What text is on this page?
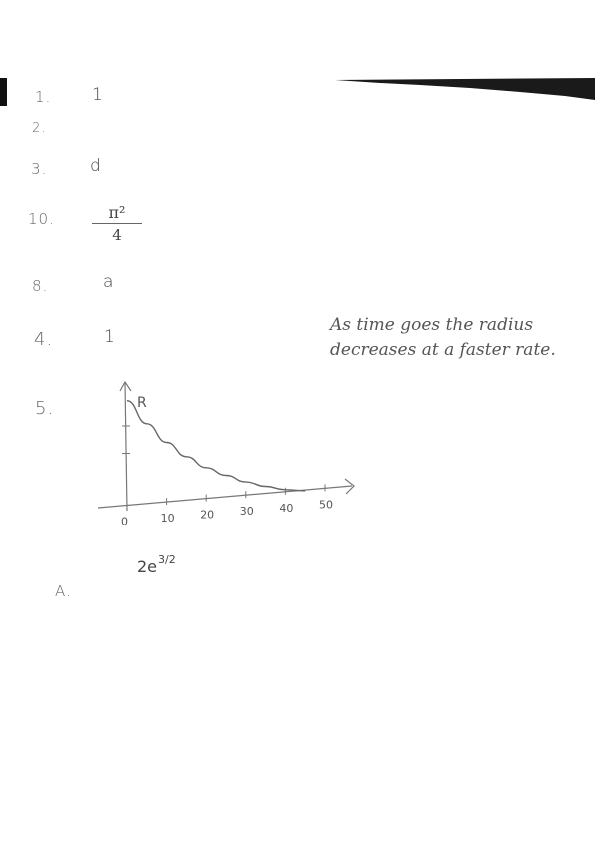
1. 1
2.
3.	d
10.	π²
4
8.	a
4.	1
5.	R
0	10 20 30 40 50
A.
$2e^{3/2}$
As time goes the radius
decreases at a faster rate.
